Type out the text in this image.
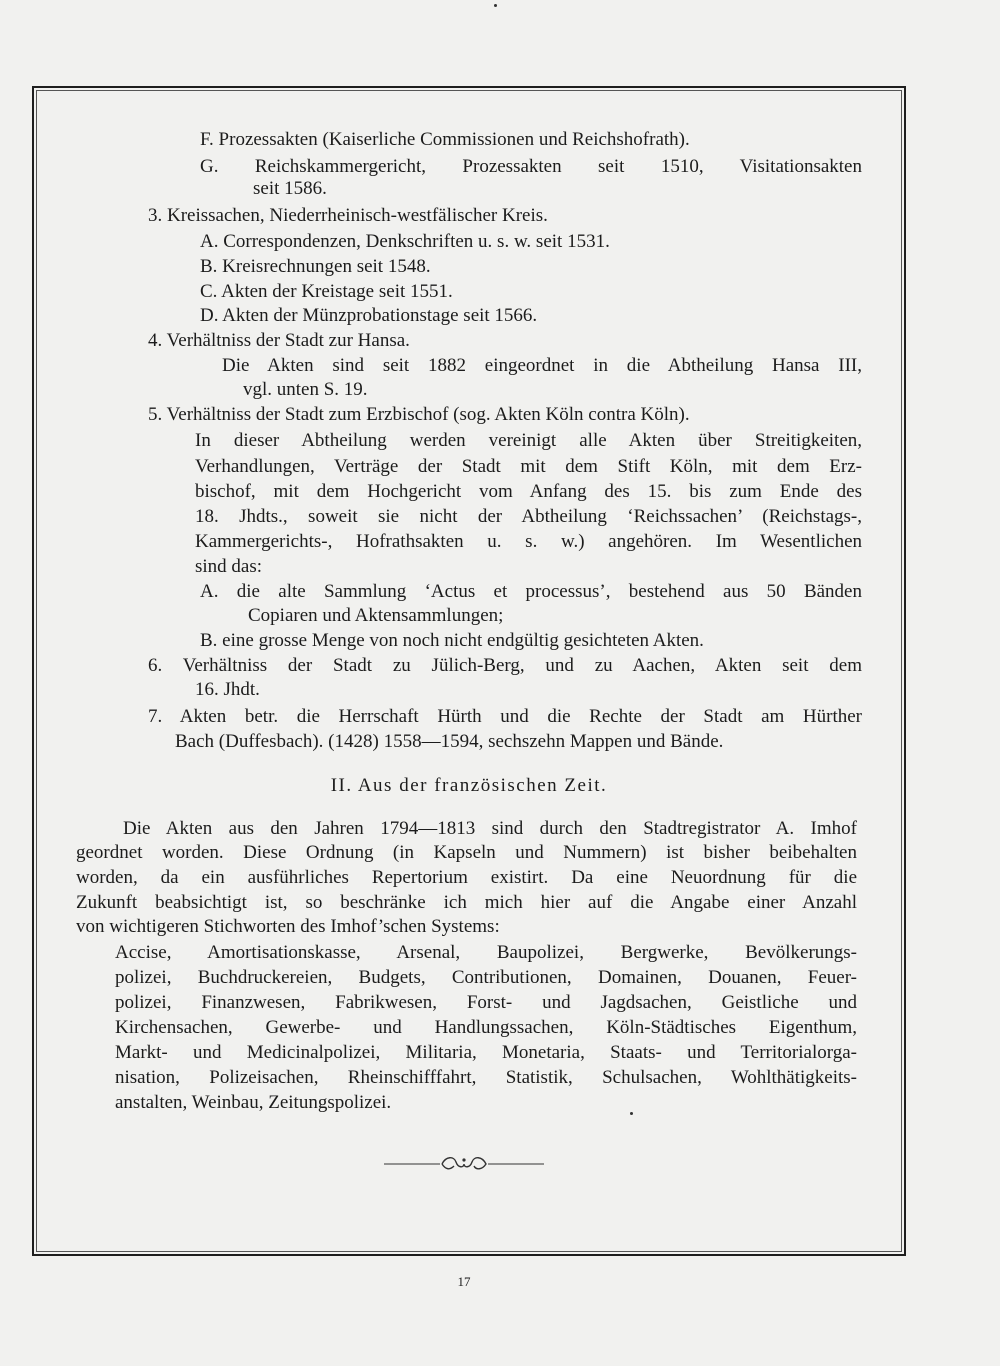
F. Prozessakten (Kaiserliche Commissionen und Reichshofrath).
G. Reichskammergericht, Prozessakten seit 1510, Visitationsakten
seit 1586.
3. Kreissachen, Niederrheinisch-westfälischer Kreis.
A. Correspondenzen, Denkschriften u. s. w. seit 1531.
B. Kreisrechnungen seit 1548.
C. Akten der Kreistage seit 1551.
D. Akten der Münzprobationstage seit 1566.
4. Verhältniss der Stadt zur Hansa.
Die Akten sind seit 1882 eingeordnet in die Abtheilung Hansa III,
vgl. unten S. 19.
5. Verhältniss der Stadt zum Erzbischof (sog. Akten Köln contra Köln).
In dieser Abtheilung werden vereinigt alle Akten über Streitigkeiten,
Verhandlungen, Verträge der Stadt mit dem Stift Köln, mit dem Erz-
bischof, mit dem Hochgericht vom Anfang des 15. bis zum Ende des
18. Jhdts., soweit sie nicht der Abtheilung ‘Reichssachen’ (Reichstags-,
Kammergerichts-, Hofrathsakten u. s. w.) angehören. Im Wesentlichen
sind das:
A. die alte Sammlung ‘Actus et processus’, bestehend aus 50 Bänden
Copiaren und Aktensammlungen;
B. eine grosse Menge von noch nicht endgültig gesichteten Akten.
6. Verhältniss der Stadt zu Jülich-Berg, und zu Aachen, Akten seit dem
16. Jhdt.
7. Akten betr. die Herrschaft Hürth und die Rechte der Stadt am Hürther
Bach (Duffesbach). (1428) 1558—1594, sechszehn Mappen und Bände.
Die Akten aus den Jahren 1794—1813 sind durch den Stadtregistrator A. Imhof
geordnet worden. Diese Ordnung (in Kapseln und Nummern) ist bisher beibehalten
worden, da ein ausführliches Repertorium existirt. Da eine Neuordnung für die
Zukunft beabsichtigt ist, so beschränke ich mich hier auf die Angabe einer Anzahl
von wichtigeren Stichworten des Imhof’schen Systems:
Accise, Amortisationskasse, Arsenal, Baupolizei, Bergwerke, Bevölkerungs-
polizei, Buchdruckereien, Budgets, Contributionen, Domainen, Douanen, Feuer-
polizei, Finanzwesen, Fabrikwesen, Forst- und Jagdsachen, Geistliche und
Kirchensachen, Gewerbe- und Handlungssachen, Köln-Städtisches Eigenthum,
Markt- und Medicinalpolizei, Militaria, Monetaria, Staats- und Territorialorga-
nisation, Polizeisachen, Rheinschifffahrt, Statistik, Schulsachen, Wohlthätigkeits-
anstalten, Weinbau, Zeitungspolizei.
II. Aus der französischen Zeit.
17
